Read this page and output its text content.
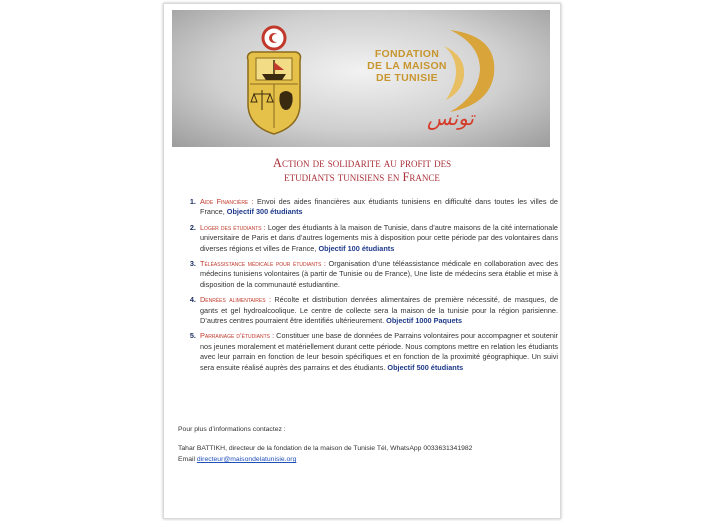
FONDATION
DE LA MAISON
DE TUNISIE
تونس
Action de solidarite au profit des
etudiants tunisiens en France
1. Aide Financière : Envoi des aides financières aux étudiants tunisiens en difficulté dans toutes les villes de France, Objectif 300 étudiants
2. Loger des étudiants : Loger des étudiants à la maison de Tunisie, dans d’autre maisons de la cité internationale universitaire de Paris et dans d’autres logements mis à disposition pour cette période par des volontaires dans diverses régions et villes de France, Objectif 100 étudiants
3. Téléassistance médicale pour étudiants : Organisation d’une téléassistance médicale en collaboration avec des médecins tunisiens volontaires (à partir de Tunisie ou de France), Une liste de médecins sera établie et mise à disposition de la communauté estudiantine.
4. Denrées alimentaires : Récolte et distribution denrées alimentaires de première nécessité, de masques, de gants et gel hydroalcoolique. Le centre de collecte sera la maison de la tunisie pour la région parisienne. D’autres centres pourraient être identifiés ultérieurement. Objectif 1000 Paquets
5. Parrainage d’étudiants : Constituer une base de données de Parrains volontaires pour accompagner et soutenir nos jeunes moralement et matériellement durant cette période. Nous comptons mettre en relation les étudiants avec leur parrain en fonction de leur besoin spécifiques et en fonction de la proximité géographique. Un suivi sera ensuite réalisé auprès des parrains et des étudiants. Objectif 500 étudiants

Pour plus d’informations contactez :

Tahar BATTIKH, directeur de la fondation de la maison de Tunisie Tél, WhatsApp 0033631341982

Email directeur@maisondelatunisie.org
